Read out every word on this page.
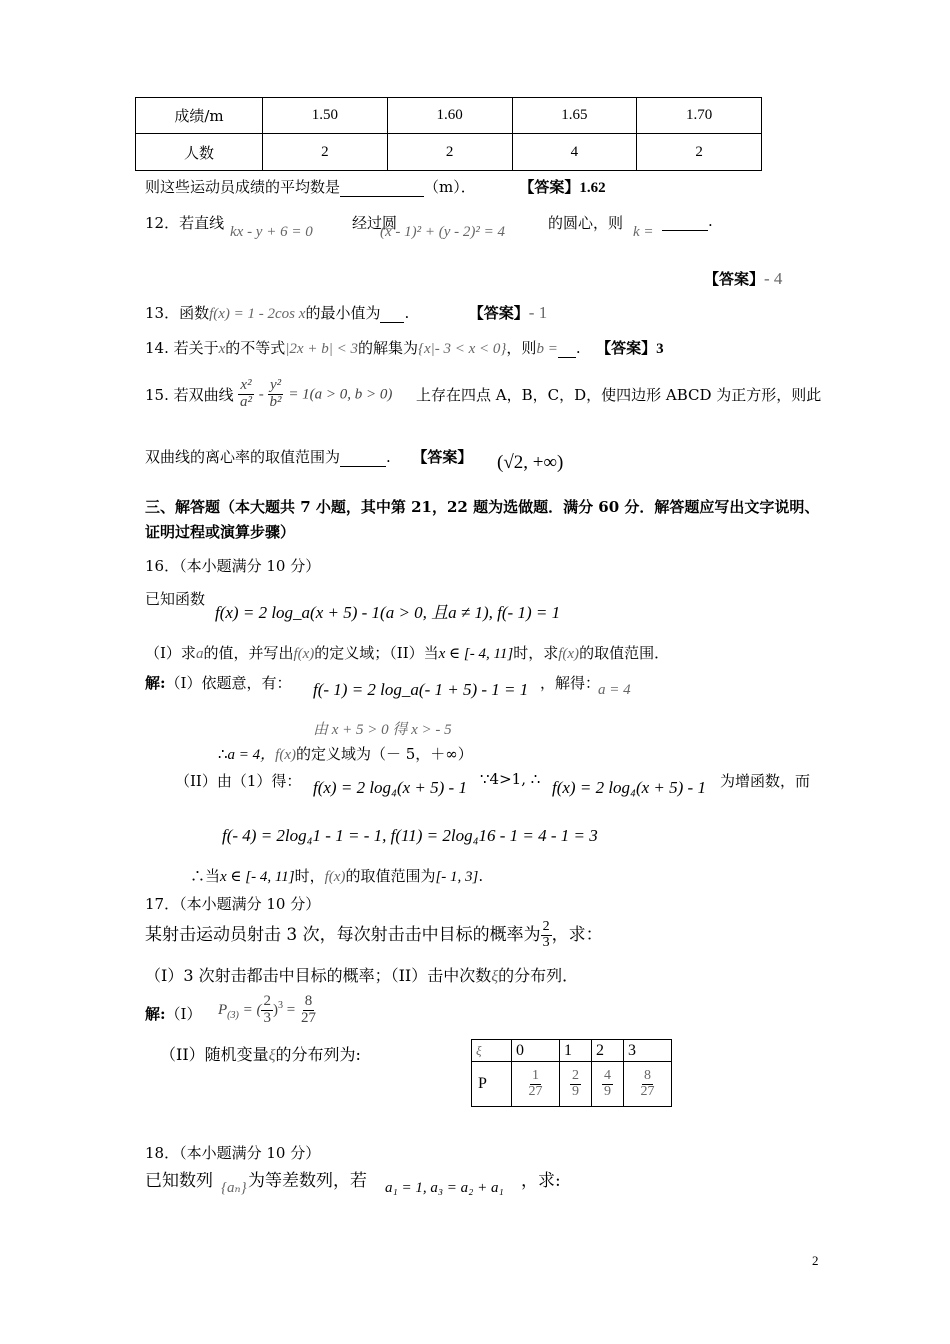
成绩/m	1.50	1.60	1.65	1.70
人数	2	2	4	2
则这些运动员成绩的平均数是	（m）．	【答案】1.62
12．若直线 kx - y + 6 = 0	经过圆
(x - 1)² + (y - 2)² = 4	的圆心，则 k =
.
【答案】- 4
13．函数f(x) = 1 - 2cos x的最小值为 .	【答案】- 1
14. 若关于x的不等式|2x + b| < 3的解集为{x|- 3 < x < 0}，则b = .  【答案】3
15. 若双曲线 $\frac{\text{x²}}{\text{a²}} - \frac{\text{y²}}{\text{b²}} = 1(a > 0$, b > 0) 上存在四点 A，B，C，D，使四边形 ABCD 为正方形，则此
双曲线的离心率的取值范围为	.  【答案】 (√2, +∞)
三、解答题（本大题共 7 小题，其中第 21，22 题为选做题．满分 60 分．解答题应写出文字说明、
证明过程或演算步骤）
16．（本小题满分 10 分）
已知函数
f(x) = 2 log_a(x + 5) - 1(a > 0, 且a ≠ 1), f(- 1) = 1
（I）求a的值，并写出f(x)的定义域；（II）当x ∈ [- 4, 11]时，求f(x)的取值范围．
解:（I）依题意，有： f(- 1) = 2 log_a(- 1 + 5) - 1 = 1 ，解得：
a = 4
由 x + 5 > 0 得 x > - 5
∴a = 4，f(x)的定义域为（－ 5，＋∞）
（II）由（1）得： f(x) = 2 log₄(x + 5) - 1 ∵4>1, ∴ f(x) = 2 log₄(x + 5) - 1 为增函数，而
f(- 4) = 2log₄1 - 1 = - 1, f(11) = 2log₄16 - 1 = 4 - 1 = 3
∴当x ∈ [- 4, 11]时，f(x)的取值范围为[- 1, 3].
17．（本小题满分 10 分）
某射击运动员射击 3 次，每次射击击中目标的概率为 $\frac{2}{3}$ ，求：
（I）3 次射击都击中目标的概率；（II）击中次数ξ的分布列．
解:（I） $P_{(3)}$ = ( $\frac{2}{3} )^3 = \frac{8}{27}$
（II）随机变量ξ的分布列为:	ξ	0	1	2	3
P	$\frac{1}{27}$	$\frac{2}{9}$	$\frac{4}{9}$	$\frac{8}{27}$
18．（本小题满分 10 分）
已知数列 {aₙ} 为等差数列，若 a₁ = 1, a₃ = a₂ + a₁ ，求:
2
